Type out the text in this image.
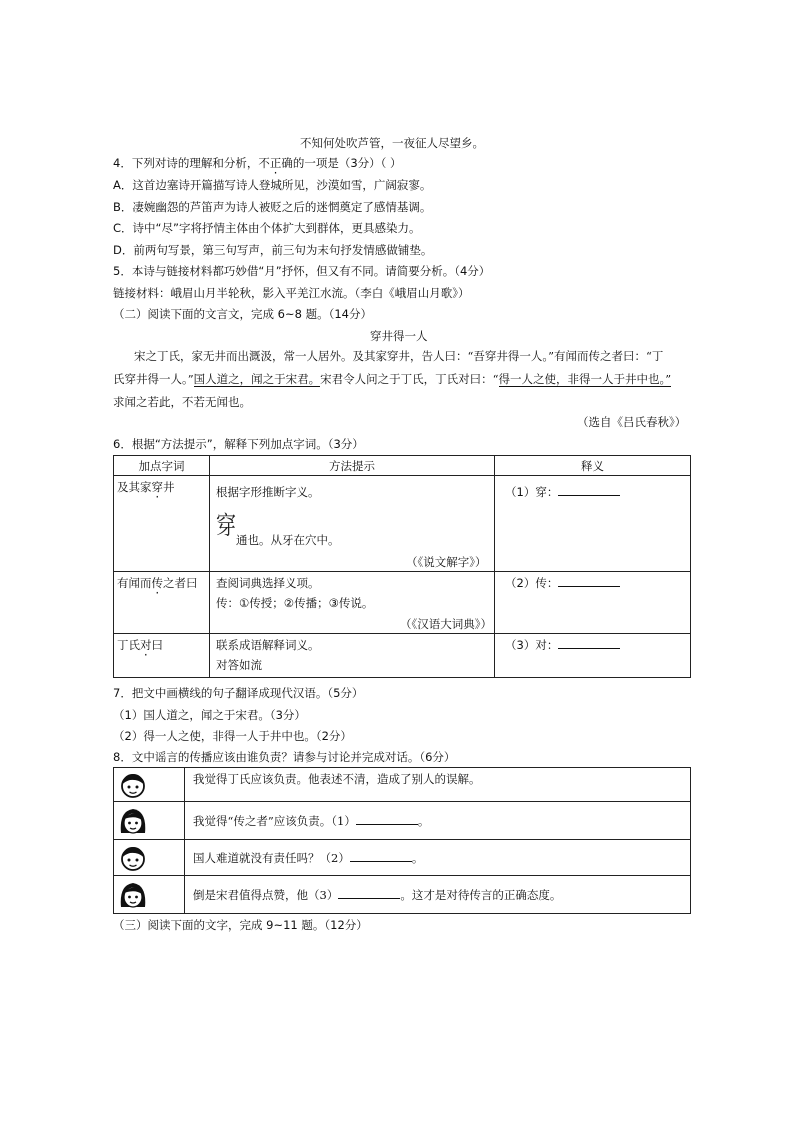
不知何处吹芦管，一夜征人尽望乡。
4．下列对诗的理解和分析，不正确的一项是（3分）（ ）
A．这首边塞诗开篇描写诗人登城所见，沙漠如雪，广阔寂寥。
B．凄婉幽怨的芦笛声为诗人被贬之后的迷惘奠定了感情基调。
C．诗中“尽”字将抒情主体由个体扩大到群体，更具感染力。
D．前两句写景，第三句写声，前三句为末句抒发情感做铺垫。
5．本诗与链接材料都巧妙借“月”抒怀，但又有不同。请简要分析。（4分）
链接材料：峨眉山月半轮秋，影入平羌江水流。（李白《峨眉山月歌》）
（二）阅读下面的文言文，完成 6~8 题。（14分）
穿井得一人
宋之丁氏，家无井而出溉汲，常一人居外。及其家穿井，告人曰：“吾穿井得一人。”有闻而传之者曰：“丁
氏穿井得一人。”国人道之，闻之于宋君。宋君令人问之于丁氏，丁氏对曰：“得一人之使，非得一人于井中也。”
求闻之若此，不若无闻也。
（选自《吕氏春秋》）
6．根据“方法提示”，解释下列加点字词。（3分）
加点字词	方法提示	释义

及其家穿井	根据字形推断字义。
穿 通也。从牙在穴中。
（《说文解字》）	（1）穿：

有闻而传之者曰	查阅词典选择义项。
传：①传授；②传播；③传说。
（《汉语大词典》）	（2）传：

丁氏对曰	联系成语解释词义。
对答如流	（3）对：
7．把文中画横线的句子翻译成现代汉语。（5分）
（1）国人道之，闻之于宋君。（3分）
（2）得一人之使，非得一人于井中也。（2分）
8．文中谣言的传播应该由谁负责？请参与讨论并完成对话。（6分）

我觉得丁氏应该负责。他表述不清，造成了别人的误解。

我觉得“传之者”应该负责。（1） 。

国人难道就没有责任吗？（2） 。

倒是宋君值得点赞，他（3） 。这才是对待传言的正确态度。
（三）阅读下面的文字，完成 9~11 题。（12分）
